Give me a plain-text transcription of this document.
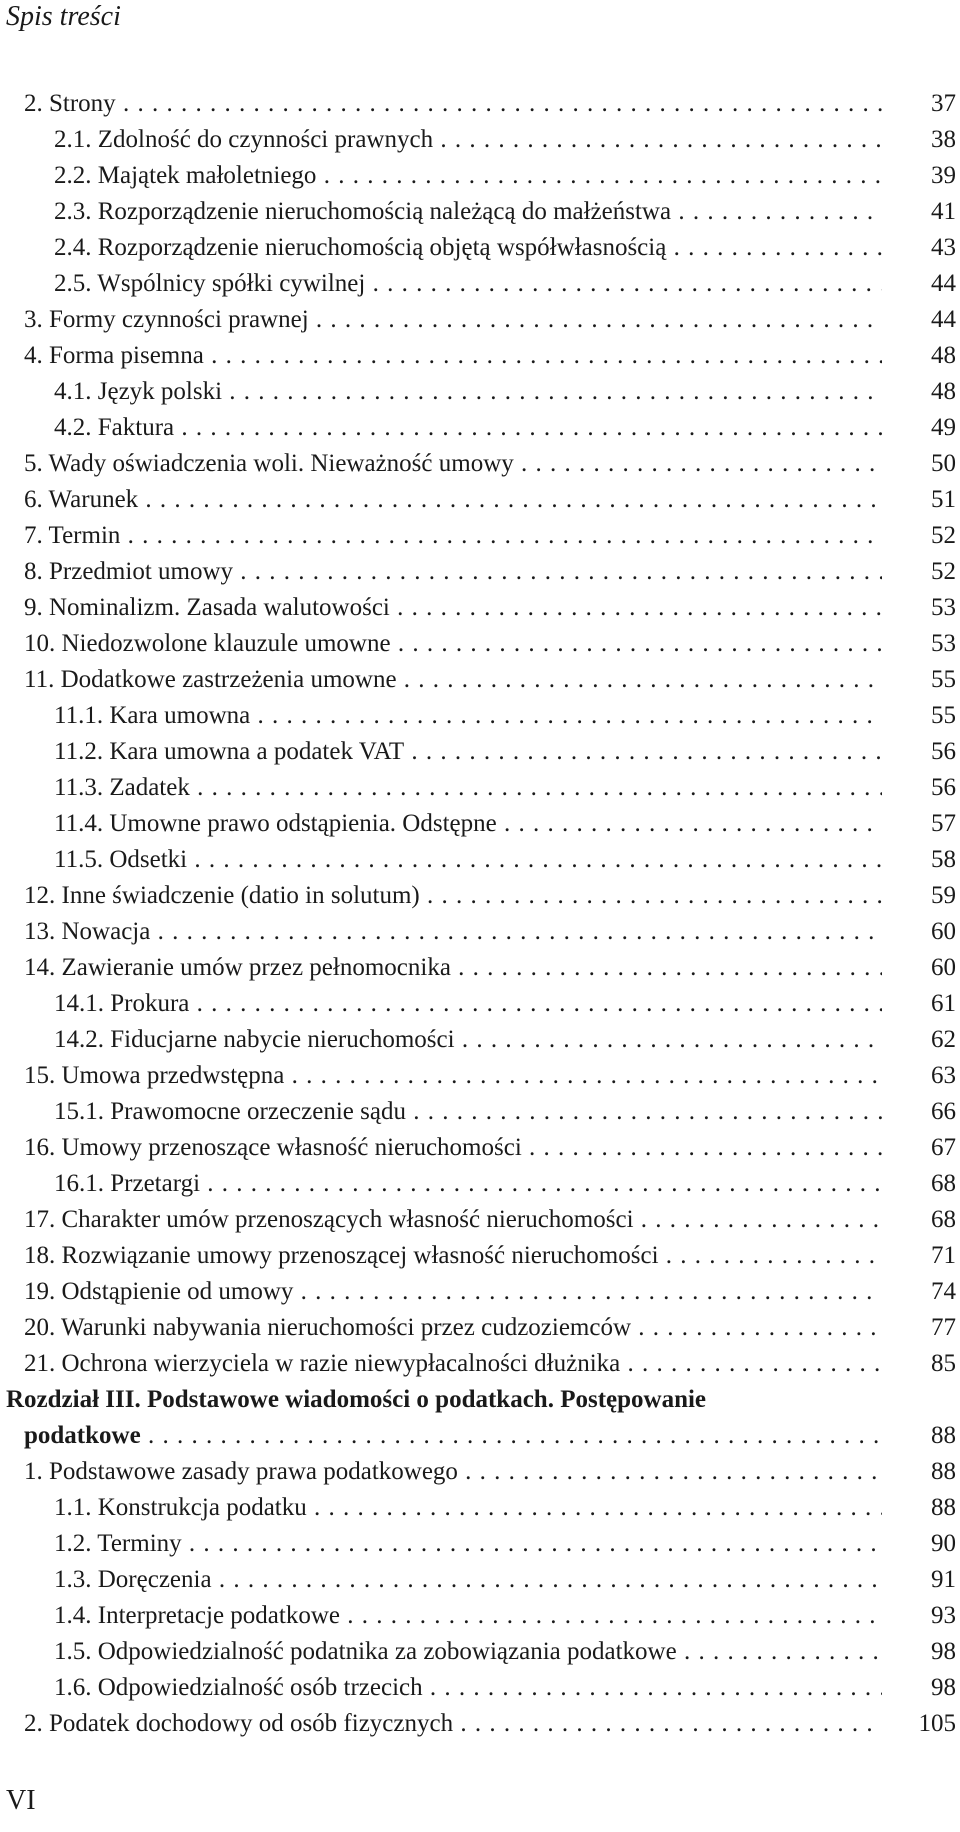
Spis treści
2. Strony . . .	37
2.1. Zdolność do czynności prawnych . . .	38
2.2. Majątek małoletniego . . .	39
2.3. Rozporządzenie nieruchomością należącą do małżeństwa . . .	41
2.4. Rozporządzenie nieruchomością objętą współwłasnością . . .	43
2.5. Wspólnicy spółki cywilnej . . .	44
3. Formy czynności prawnej . . .	44
4. Forma pisemna . . .	48
4.1. Język polski . . .	48
4.2. Faktura . . .	49
5. Wady oświadczenia woli. Nieważność umowy . . .	50
6. Warunek . . .	51
7. Termin . . .	52
8. Przedmiot umowy . . .	52
9. Nominalizm. Zasada walutowości . . .	53
10. Niedozwolone klauzule umowne . . .	53
11. Dodatkowe zastrzeżenia umowne . . .	55
11.1. Kara umowna . . .	55
11.2. Kara umowna a podatek VAT . . .	56
11.3. Zadatek . . .	56
11.4. Umowne prawo odstąpienia. Odstępne . . .	57
11.5. Odsetki . . .	58
12. Inne świadczenie (datio in solutum) . . .	59
13. Nowacja . . .	60
14. Zawieranie umów przez pełnomocnika . . .	60
14.1. Prokura . . .	61
14.2. Fiducjarne nabycie nieruchomości . . .	62
15. Umowa przedwstępna . . .	63
15.1. Prawomocne orzeczenie sądu . . .	66
16. Umowy przenoszące własność nieruchomości . . .	67
16.1. Przetargi . . .	68
17. Charakter umów przenoszących własność nieruchomości . . .	68
18. Rozwiązanie umowy przenoszącej własność nieruchomości . . .	71
19. Odstąpienie od umowy . . .	74
20. Warunki nabywania nieruchomości przez cudzoziemców . . .	77
21. Ochrona wierzyciela w razie niewypłacalności dłużnika . . .	85
Rozdział III. Podstawowe wiadomości o podatkach. Postępowanie
podatkowe . . .	88
1. Podstawowe zasady prawa podatkowego . . .	88
1.1. Konstrukcja podatku . . .	88
1.2. Terminy . . .	90
1.3. Doręczenia . . .	91
1.4. Interpretacje podatkowe . . .	93
1.5. Odpowiedzialność podatnika za zobowiązania podatkowe . . .	98
1.6. Odpowiedzialność osób trzecich . . .	98
2. Podatek dochodowy od osób fizycznych . . .	105
VI
